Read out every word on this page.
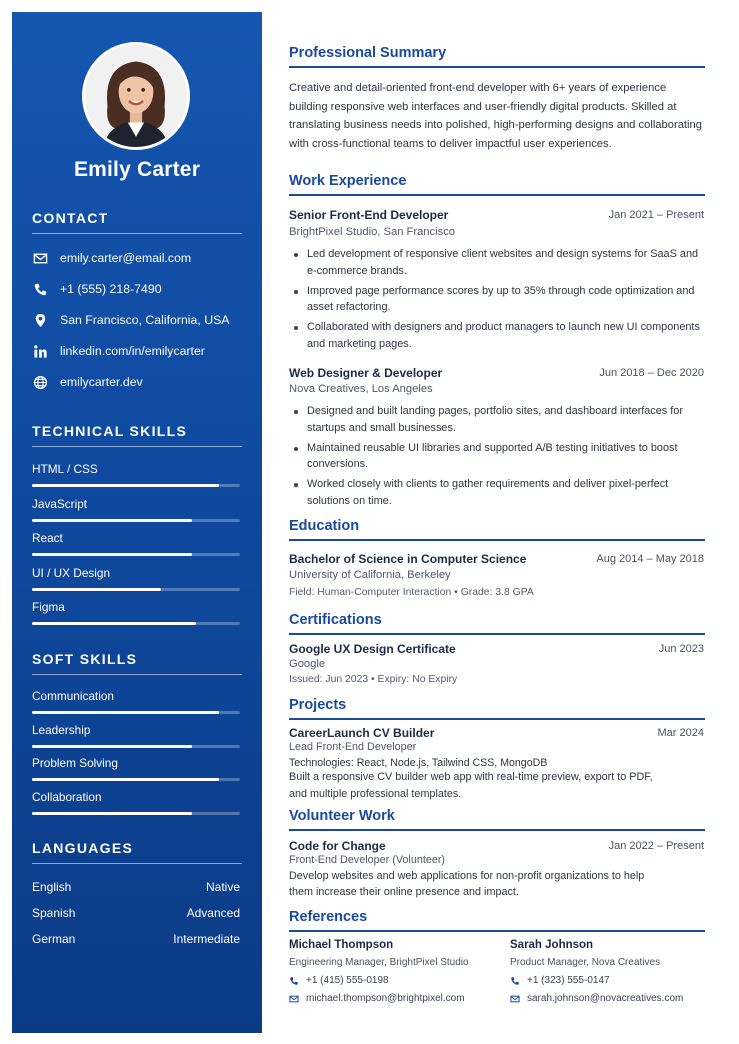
Emily Carter
CONTACT
emily.carter@email.com
+1 (555) 218-7490
San Francisco, California, USA
linkedin.com/in/emilycarter
emilycarter.dev
TECHNICAL SKILLS
HTML / CSS
JavaScript
React
UI / UX Design
Figma
SOFT SKILLS
Communication
Leadership
Problem Solving
Collaboration
LANGUAGES
English	Native
Spanish	Advanced
German	Intermediate
Professional Summary

Creative and detail-oriented front-end developer with 6+ years of experience building responsive web interfaces and user-friendly digital products. Skilled at translating business needs into polished, high-performing designs and collaborating with cross-functional teams to deliver impactful user experiences.

Work Experience
Senior Front-End Developer	Jan 2021 – Present
BrightPixel Studio, San Francisco
Led development of responsive client websites and design systems for SaaS and e-commerce brands.
Improved page performance scores by up to 35% through code optimization and asset refactoring.
Collaborated with designers and product managers to launch new UI components and marketing pages.
Web Designer & Developer	Jun 2018 – Dec 2020
Nova Creatives, Los Angeles
Designed and built landing pages, portfolio sites, and dashboard interfaces for startups and small businesses.
Maintained reusable UI libraries and supported A/B testing initiatives to boost conversions.
Worked closely with clients to gather requirements and deliver pixel-perfect solutions on time.
Education
Bachelor of Science in Computer Science	Aug 2014 – May 2018
University of California, Berkeley
Field: Human-Computer Interaction • Grade: 3.8 GPA
Certifications
Google UX Design Certificate	Jun 2023
Google
Issued: Jun 2023 • Expiry: No Expiry
Projects
CareerLaunch CV Builder	Mar 2024
Lead Front-End Developer
Technologies: React, Node.js, Tailwind CSS, MongoDB

Built a responsive CV builder web app with real-time preview, export to PDF, and multiple professional templates.

Volunteer Work
Code for Change	Jan 2022 – Present
Front-End Developer (Volunteer)

Develop websites and web applications for non-profit organizations to help them increase their online presence and impact.

References
Michael Thompson
Engineering Manager, BrightPixel Studio
+1 (415) 555-0198
michael.thompson@brightpixel.com
Sarah Johnson
Product Manager, Nova Creatives
+1 (323) 555-0147
sarah.johnson@novacreatives.com
